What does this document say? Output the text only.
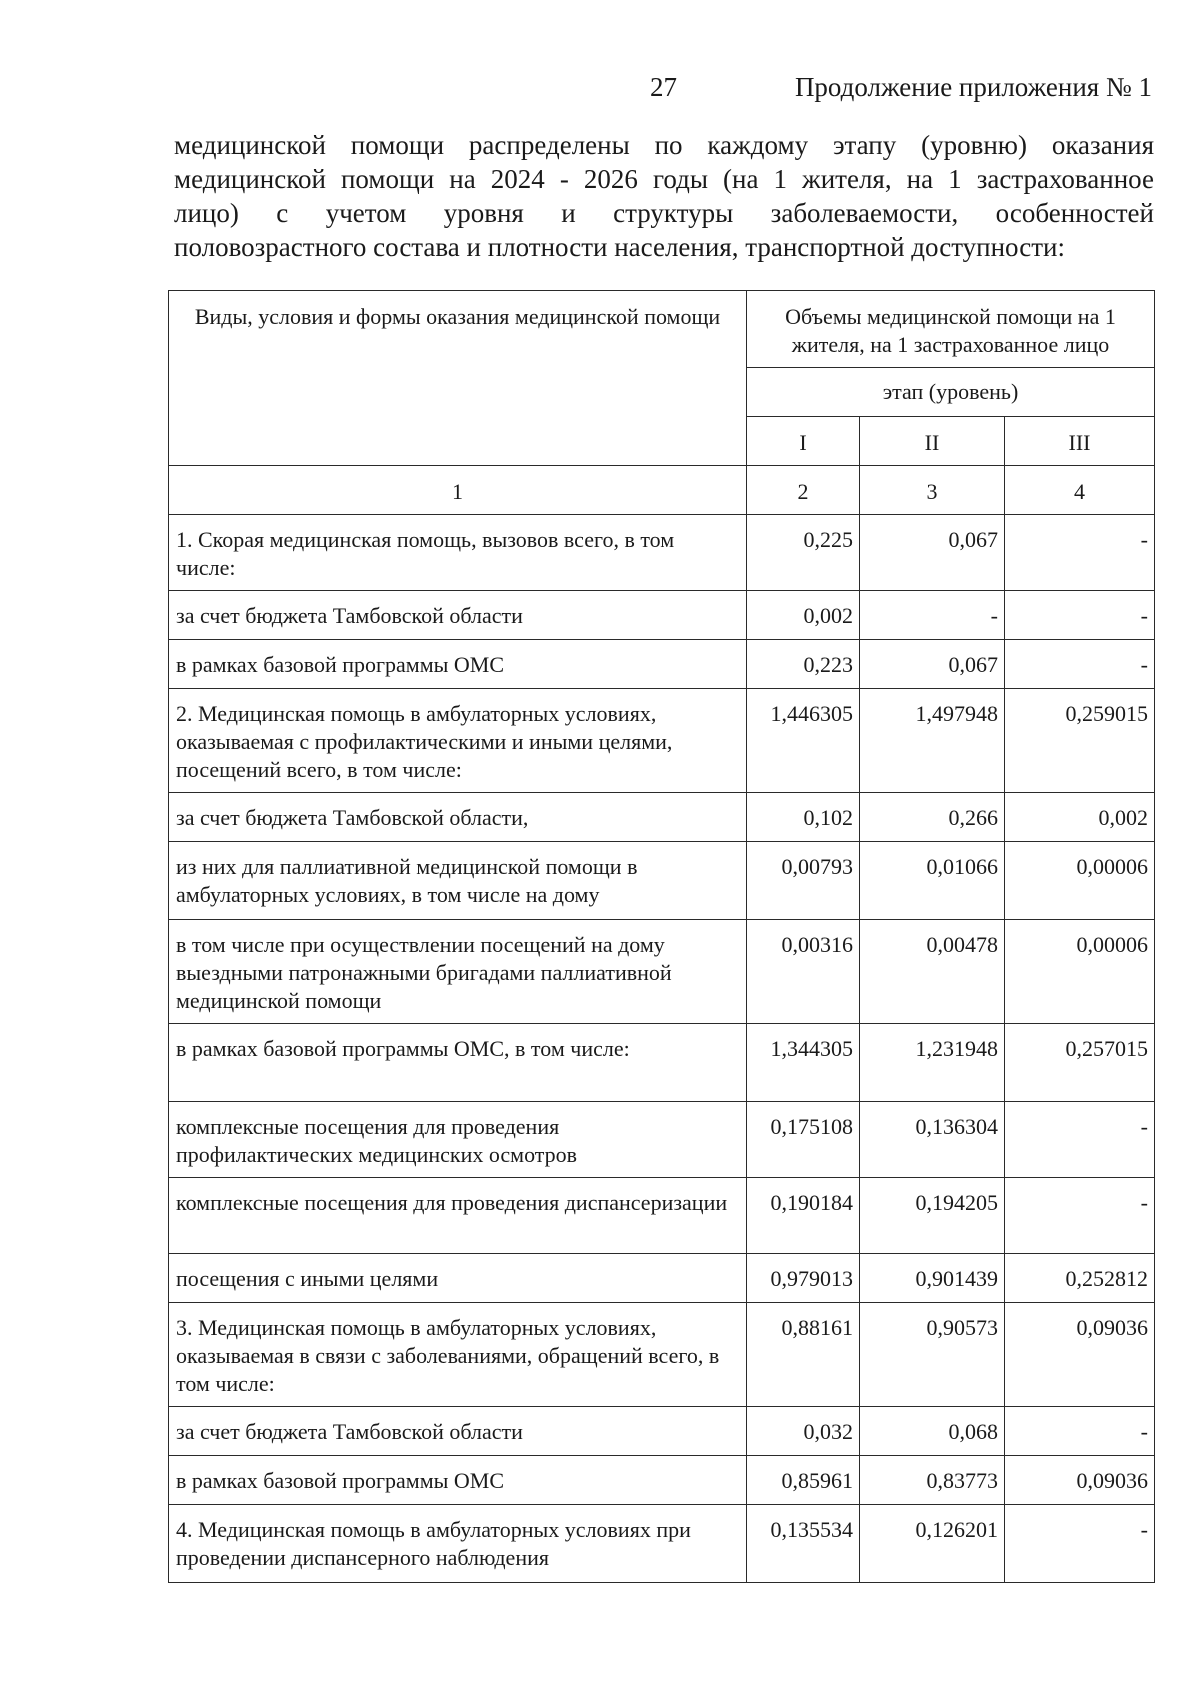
27	Продолжение приложения № 1
медицинской помощи распределены по каждому этапу (уровню) оказания
медицинской помощи на 2024 - 2026 годы (на 1 жителя, на 1 застрахованное
лицо) с учетом уровня и структуры заболеваемости, особенностей
половозрастного состава и плотности населения, транспортной доступности:
Виды, условия и формы оказания медицинской помощи	Объемы медицинской помощи на 1 жителя, на 1 застрахованное лицо		
	этап (уровень)		
	I	II	III
1	2	3	4
1. Скорая медицинская помощь, вызовов всего, в том числе:	0,225	0,067	-
за счет бюджета Тамбовской области	0,002	-	-
в рамках базовой программы ОМС	0,223	0,067	-
2. Медицинская помощь в амбулаторных условиях, оказываемая с профилактическими и иными целями, посещений всего, в том числе:	1,446305	1,497948	0,259015
за счет бюджета Тамбовской области,	0,102	0,266	0,002
из них для паллиативной медицинской помощи в амбулаторных условиях, в том числе на дому	0,00793	0,01066	0,00006
в том числе при осуществлении посещений на дому выездными патронажными бригадами паллиативной медицинской помощи	0,00316	0,00478	0,00006
в рамках базовой программы ОМС, в том числе:	1,344305	1,231948	0,257015
комплексные посещения для проведения профилактических медицинских осмотров	0,175108	0,136304	-
комплексные посещения для проведения диспансеризации	0,190184	0,194205	-
посещения с иными целями	0,979013	0,901439	0,252812
3. Медицинская помощь в амбулаторных условиях, оказываемая в связи с заболеваниями, обращений всего, в том числе:	0,88161	0,90573	0,09036
за счет бюджета Тамбовской области	0,032	0,068	-
в рамках базовой программы ОМС	0,85961	0,83773	0,09036
4. Медицинская помощь в амбулаторных условиях при проведении диспансерного наблюдения	0,135534	0,126201	-
